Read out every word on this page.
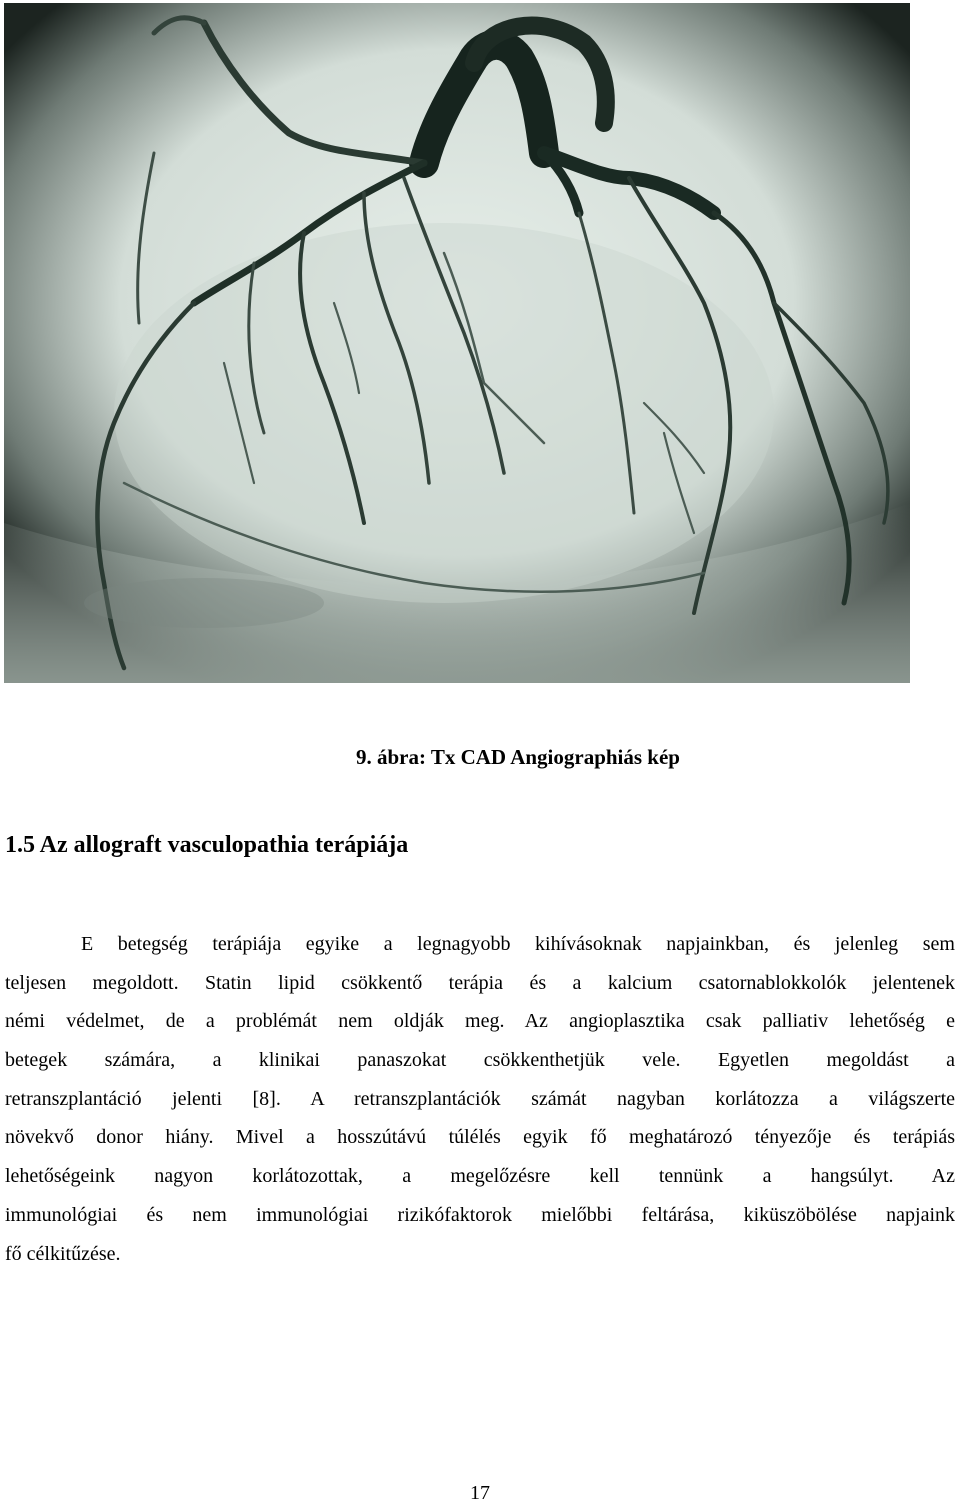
9. ábra: Tx CAD Angiographiás kép
1.5 Az allograft vasculopathia terápiája
E betegség terápiája egyike a legnagyobb kihívásoknak napjainkban, és jelenleg sem
teljesen megoldott. Statin lipid csökkentő terápia és a kalcium csatornablokkolók jelentenek
némi védelmet, de a problémát nem oldják meg. Az angioplasztika csak palliativ lehetőség e
betegek számára, a klinikai panaszokat csökkenthetjük vele. Egyetlen megoldást a
retranszplantáció jelenti [8]. A retranszplantációk számát nagyban korlátozza a világszerte
növekvő donor hiány. Mivel a hosszútávú túlélés egyik fő meghatározó tényezője és terápiás
lehetőségeink nagyon korlátozottak, a megelőzésre kell tennünk a hangsúlyt. Az
immunológiai és nem immunológiai rizikófaktorok mielőbbi feltárása, kiküszöbölése napjaink
fő célkitűzése.
17
